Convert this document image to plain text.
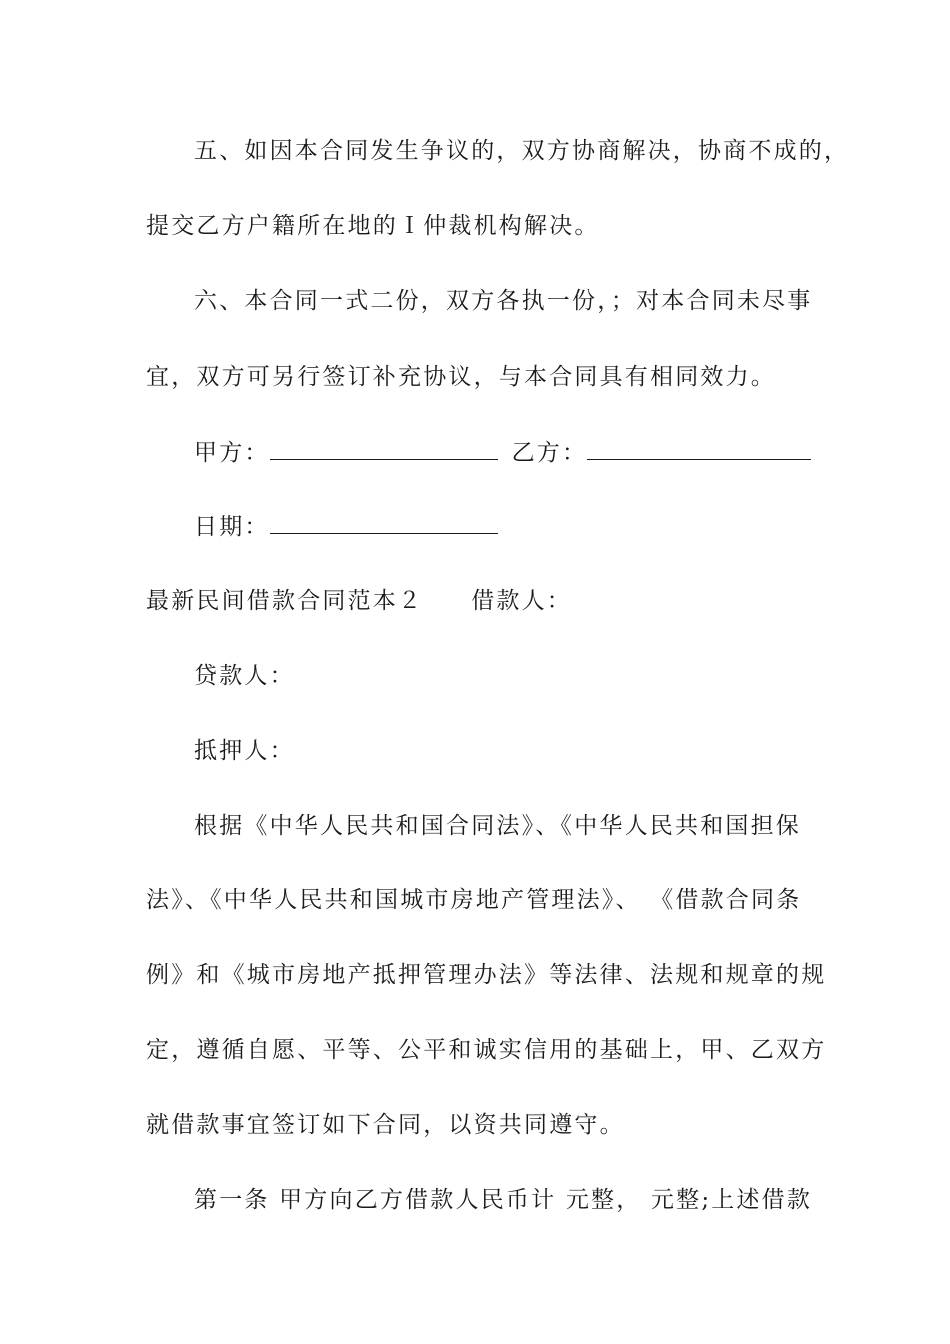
五、如因本合同发生争议的，双方协商解决，协商不成的，
提交乙方户籍所在地的Ｉ仲裁机构解决。
六、本合同一式二份，双方各执一份，；对本合同未尽事
宜，双方可另行签订补充协议，与本合同具有相同效力。
甲方：	乙方：
日期：
最新民间借款合同范本２ 借款人：
贷款人：
抵押人：
根据《中华人民共和国合同法》、《中华人民共和国担保
法》、《中华人民共和国城市房地产管理法》、 《借款合同条
例》和《城市房地产抵押管理办法》等法律、法规和规章的规
定，遵循自愿、平等、公平和诚实信用的基础上，甲、乙双方
就借款事宜签订如下合同，以资共同遵守。
第一条 甲方向乙方借款人民币计 元整， 元整;上述借款
